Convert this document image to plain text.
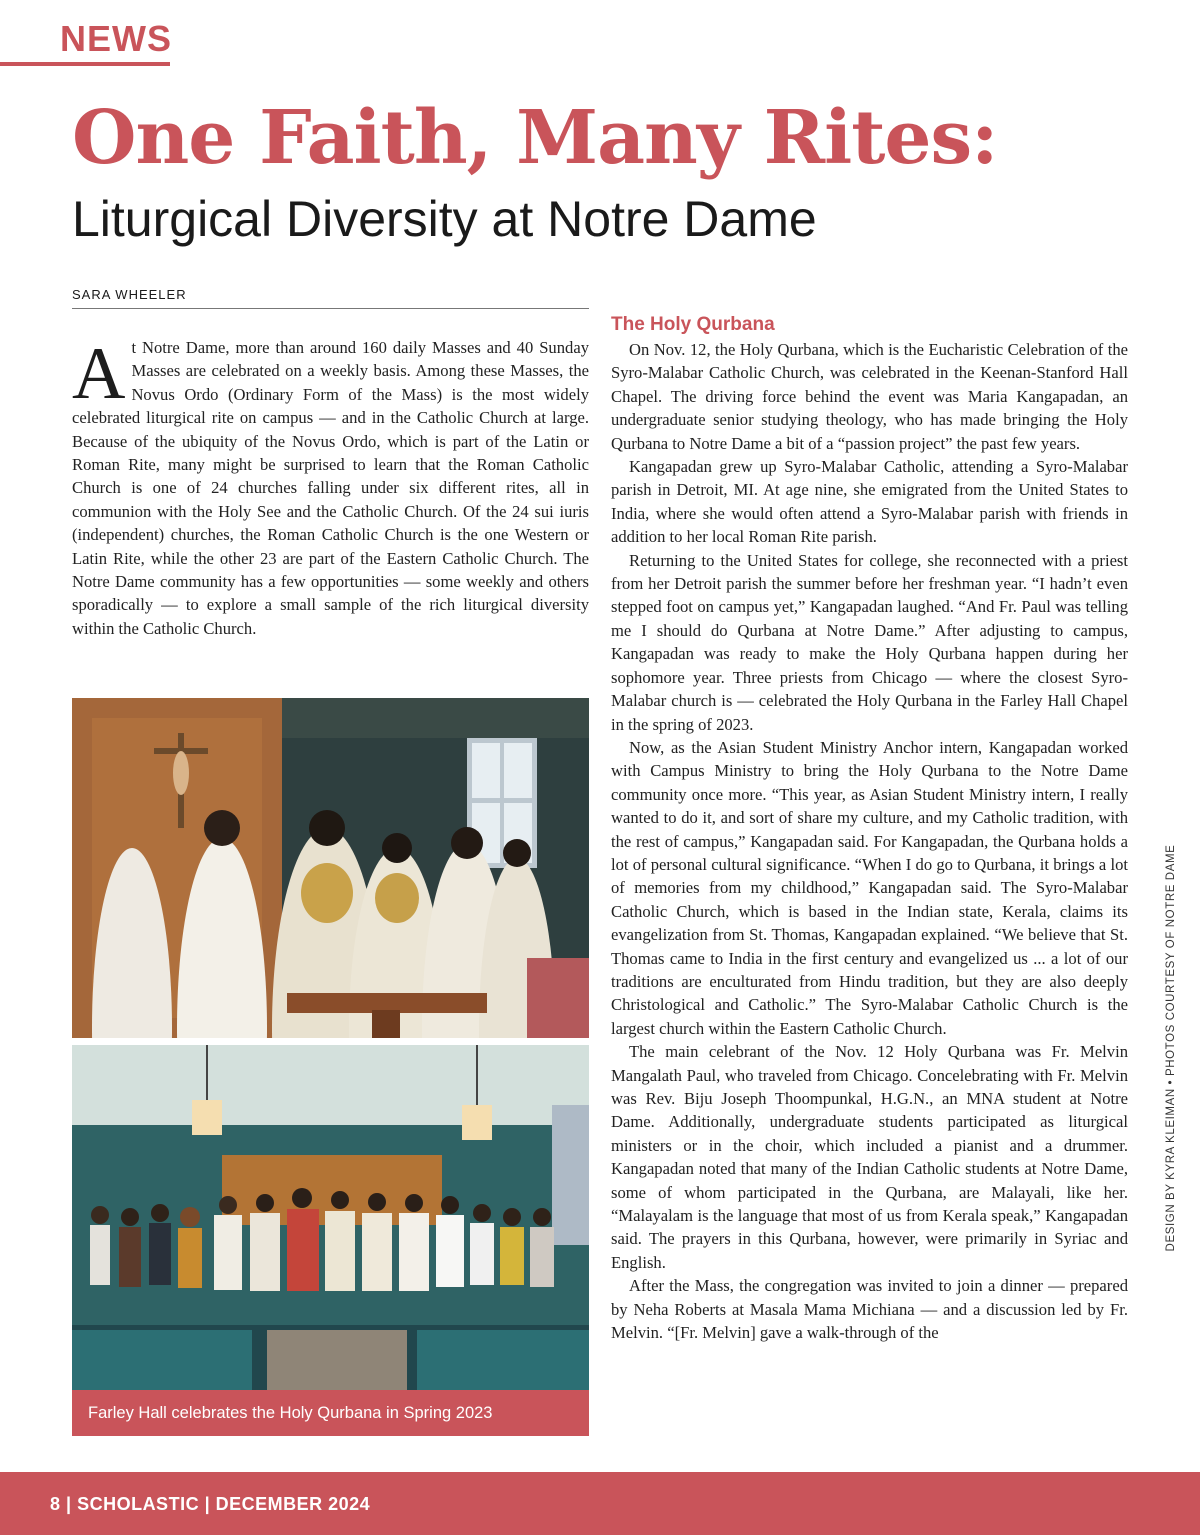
NEWS
One Faith, Many Rites:
Liturgical Diversity at Notre Dame
SARA WHEELER

At Notre Dame, more than around 160 daily Masses and 40 Sunday Masses are celebrated on a weekly basis. Among these Masses, the Novus Ordo (Ordinary Form of the Mass) is the most widely celebrated liturgical rite on campus — and in the Catholic Church at large. Because of the ubiquity of the Novus Ordo, which is part of the Latin or Roman Rite, many might be surprised to learn that the Roman Catholic Church is one of 24 churches falling under six different rites, all in communion with the Holy See and the Catholic Church. Of the 24 sui iuris (independent) churches, the Roman Catholic Church is the one Western or Latin Rite, while the other 23 are part of the Eastern Catholic Church. The Notre Dame community has a few opportunities — some weekly and others sporadically — to explore a small sample of the rich liturgical diversity within the Catholic Church.

Farley Hall celebrates the Holy Qurbana in Spring 2023
The Holy Qurbana

On Nov. 12, the Holy Qurbana, which is the Eucharistic Celebration of the Syro-Malabar Catholic Church, was celebrated in the Keenan-Stanford Hall Chapel. The driving force behind the event was Maria Kangapadan, an undergraduate senior studying theology, who has made bringing the Holy Qurbana to Notre Dame a bit of a “passion project” the past few years.

Kangapadan grew up Syro-Malabar Catholic, attending a Syro-Malabar parish in Detroit, MI. At age nine, she emigrated from the United States to India, where she would often attend a Syro-Malabar parish with friends in addition to her local Roman Rite parish.

Returning to the United States for college, she reconnected with a priest from her Detroit parish the summer before her freshman year. “I hadn’t even stepped foot on campus yet,” Kangapadan laughed. “And Fr. Paul was telling me I should do Qurbana at Notre Dame.” After adjusting to campus, Kangapadan was ready to make the Holy Qurbana happen during her sophomore year. Three priests from Chicago — where the closest Syro-Malabar church is — celebrated the Holy Qurbana in the Farley Hall Chapel in the spring of 2023.

Now, as the Asian Student Ministry Anchor intern, Kangapadan worked with Campus Ministry to bring the Holy Qurbana to the Notre Dame community once more. “This year, as Asian Student Ministry intern, I really wanted to do it, and sort of share my culture, and my Catholic tradition, with the rest of campus,” Kangapadan said. For Kangapadan, the Qurbana holds a lot of personal cultural significance. “When I do go to Qurbana, it brings a lot of memories from my childhood,” Kangapadan said. The Syro-Malabar Catholic Church, which is based in the Indian state, Kerala, claims its evangelization from St. Thomas, Kangapadan explained. “We believe that St. Thomas came to India in the first century and evangelized us ... a lot of our traditions are enculturated from Hindu tradition, but they are also deeply Christological and Catholic.” The Syro-Malabar Catholic Church is the largest church within the Eastern Catholic Church.

The main celebrant of the Nov. 12 Holy Qurbana was Fr. Melvin Mangalath Paul, who traveled from Chicago. Concelebrating with Fr. Melvin was Rev. Biju Joseph Thoompunkal, H.G.N., an MNA student at Notre Dame. Additionally, undergraduate students participated as liturgical ministers or in the choir, which included a pianist and a drummer. Kangapadan noted that many of the Indian Catholic students at Notre Dame, some of whom participated in the Qurbana, are Malayali, like her. “Malayalam is the language that most of us from Kerala speak,” Kangapadan said. The prayers in this Qurbana, however, were primarily in Syriac and English.

After the Mass, the congregation was invited to join a dinner — prepared by Neha Roberts at Masala Mama Michiana — and a discussion led by Fr. Melvin. “[Fr. Melvin] gave a walk-through of the

DESIGN BY KYRA KLEIMAN • PHOTOS COURTESY OF NOTRE DAME
8 | SCHOLASTIC | DECEMBER 2024
